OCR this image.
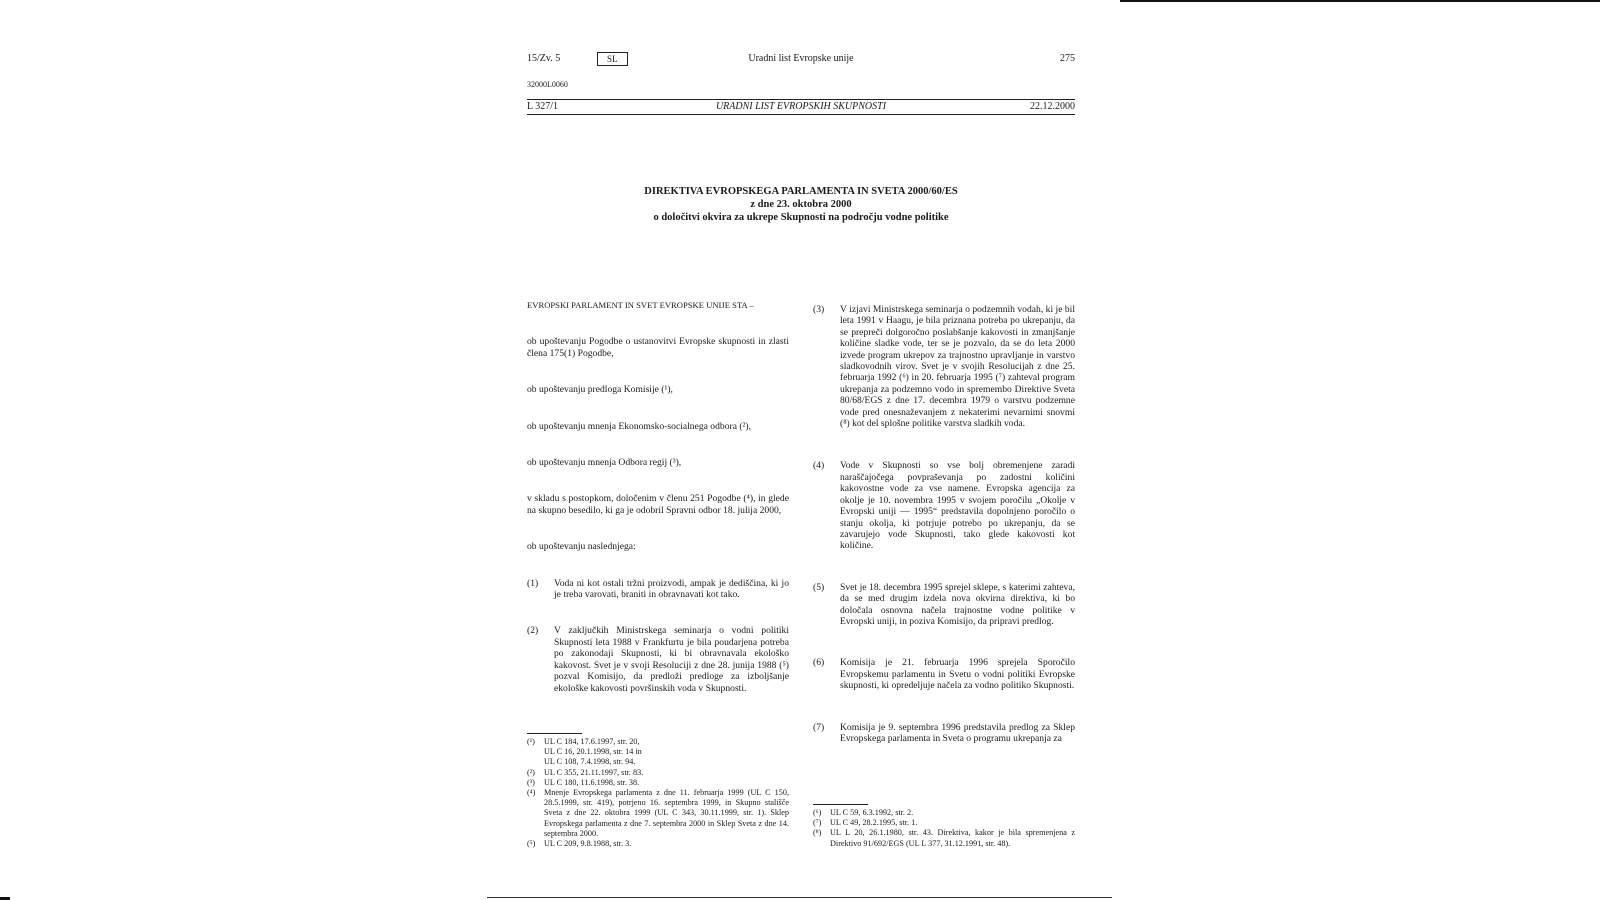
15/Zv. 5	SL	Uradni list Evropske unije	275
32000L0060
L 327/1	URADNI LIST EVROPSKIH SKUPNOSTI	22.12.2000
DIREKTIVA EVROPSKEGA PARLAMENTA IN SVETA 2000/60/ES
z dne 23. oktobra 2000
o določitvi okvira za ukrepe Skupnosti na področju vodne politike

EVROPSKI PARLAMENT IN SVET EVROPSKE UNIJE STA –

ob upoštevanju Pogodbe o ustanovitvi Evropske skupnosti in zlasti člena 175(1) Pogodbe,

ob upoštevanju predloga Komisije (¹),

ob upoštevanju mnenja Ekonomsko-socialnega odbora (²),

ob upoštevanju mnenja Odbora regij (³),

v skladu s postopkom, določenim v členu 251 Pogodbe (⁴), in glede na skupno besedilo, ki ga je odobril Spravni odbor 18. julija 2000,

ob upoštevanju naslednjega:

(1)	Voda ni kot ostali tržni proizvodi, ampak je dediščina, ki jo je treba varovati, braniti in obravnavati kot tako.
(2)	V zaključkih Ministrskega seminarja o vodni politiki Skupnosti leta 1988 v Frankfurtu je bila poudarjena potreba po zakonodaji Skupnosti, ki bi obravnavala ekološko kakovost. Svet je v svoji Resoluciji z dne 28. junija 1988 (⁵) pozval Komisijo, da predloži predloge za izboljšanje ekološke kakovosti površinskih voda v Skupnosti.
(¹)	UL C 184, 17.6.1997, str. 20,
UL C 16, 20.1.1998, str. 14 in
UL C 108, 7.4.1998, str. 94.
(²)	UL C 355, 21.11.1997, str. 83.
(³)	UL C 180, 11.6.1998, str. 38.
(⁴)	Mnenje Evropskega parlamenta z dne 11. februarja 1999 (UL C 150, 28.5.1999, str. 419), potrjeno 16. septembra 1999, in Skupno stališče Sveta z dne 22. oktobra 1999 (UL C 343, 30.11.1999, str. 1). Sklep Evropskega parlamenta z dne 7. septembra 2000 in Sklep Sveta z dne 14. septembra 2000.
(⁵)	UL C 209, 9.8.1988, str. 3.
(3)	V izjavi Ministrskega seminarja o podzemnih vodah, ki je bil leta 1991 v Haagu, je bila priznana potreba po ukrepanju, da se prepreči dolgoročno poslabšanje kakovosti in zmanjšanje količine sladke vode, ter se je pozvalo, da se do leta 2000 izvede program ukrepov za trajnostno upravljanje in varstvo sladkovodnih virov. Svet je v svojih Resolucijah z dne 25. februarja 1992 (⁶) in 20. februarja 1995 (⁷) zahteval program ukrepanja za podzemno vodo in spremembo Direktive Sveta 80/68/EGS z dne 17. decembra 1979 o varstvu podzemne vode pred onesnaževanjem z nekaterimi nevarnimi snovmi (⁸) kot del splošne politike varstva sladkih voda.
(4)	Vode v Skupnosti so vse bolj obremenjene zaradi naraščajočega povpraševanja po zadostni količini kakovostne vode za vse namene. Evropska agencija za okolje je 10. novembra 1995 v svojem poročilu „Okolje v Evropski uniji — 1995“ predstavila dopolnjeno poročilo o stanju okolja, ki potrjuje potrebo po ukrepanju, da se zavarujejo vode Skupnosti, tako glede kakovosti kot količine.
(5)	Svet je 18. decembra 1995 sprejel sklepe, s katerimi zahteva, da se med drugim izdela nova okvirna direktiva, ki bo določala osnovna načela trajnostne vodne politike v Evropski uniji, in poziva Komisijo, da pripravi predlog.
(6)	Komisija je 21. februarja 1996 sprejela Sporočilo Evropskemu parlamentu in Svetu o vodni politiki Evropske skupnosti, ki opredeljuje načela za vodno politiko Skupnosti.
(7)	Komisija je 9. septembra 1996 predstavila predlog za Sklep Evropskega parlamenta in Sveta o programu ukrepanja za
(⁶)	UL C 59, 6.3.1992, str. 2.
(⁷)	UL C 49, 28.2.1995, str. 1.
(⁸)	UL L 20, 26.1.1980, str. 43. Direktiva, kakor je bila spremenjena z Direktivo 91/692/EGS (UL L 377, 31.12.1991, str. 48).
